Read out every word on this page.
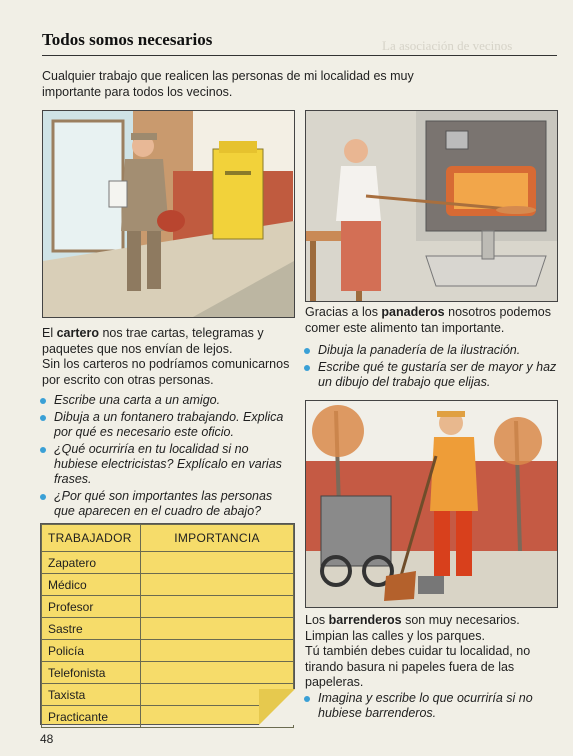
La asociación de vecinos
Todos somos necesarios
Cualquier trabajo que realicen las personas de mi localidad es muy importante para todos los vecinos.
El cartero nos trae cartas, telegramas y paquetes que nos envían de lejos.
Sin los carteros no podríamos comunicarnos por escrito con otras personas.
Escribe una carta a un amigo.
Dibuja a un fontanero trabajando. Explica por qué es necesario este oficio.
¿Qué ocurriría en tu localidad si no hubiese electricistas? Explícalo en varias frases.
¿Por qué son importantes las personas que aparecen en el cuadro de abajo?
TRABAJADOR	IMPORTANCIA
Zapatero	
Médico	
Profesor	
Sastre	
Policía	
Telefonista	
Taxista	
Practicante	
Gracias a los panaderos nosotros podemos comer este alimento tan importante.
Dibuja la panadería de la ilustración.
Escribe qué te gustaría ser de mayor y haz un dibujo del trabajo que elijas.
Los barrenderos son muy necesarios.
Limpian las calles y los parques.
Tú también debes cuidar tu localidad, no tirando basura ni papeles fuera de las papeleras.
Imagina y escribe lo que ocurriría si no hubiese barrenderos.
48
